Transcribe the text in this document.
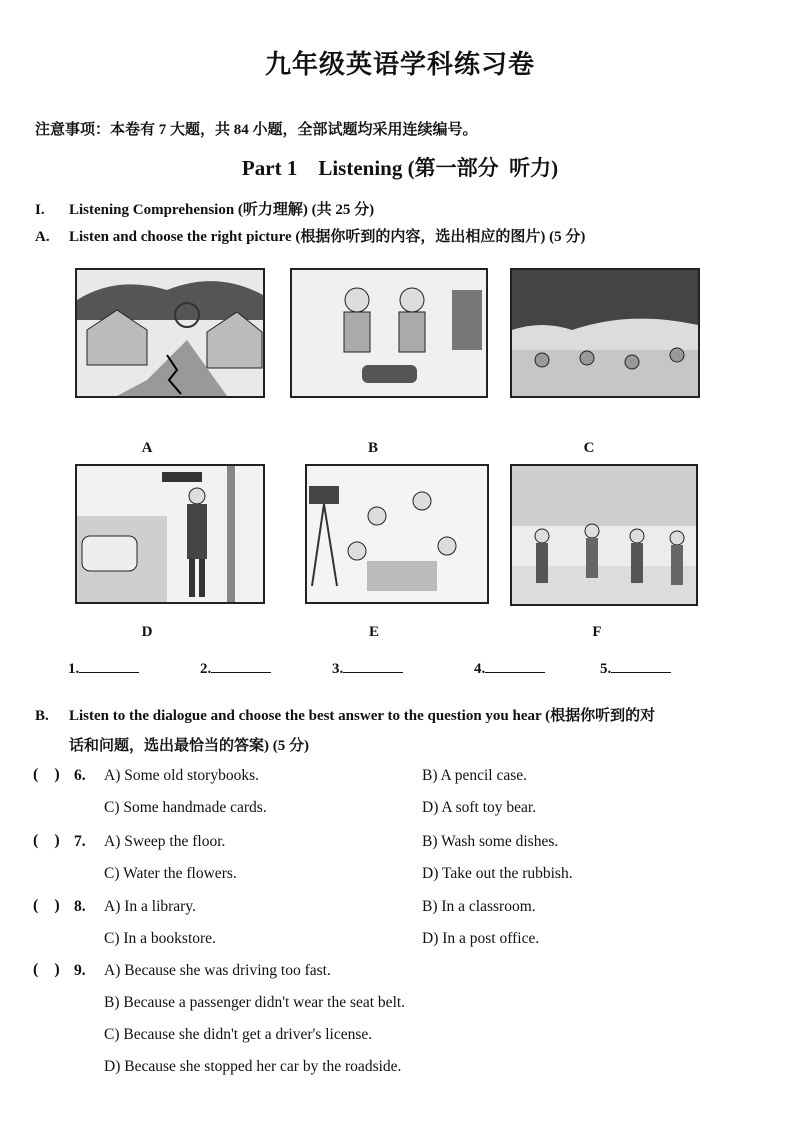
九年级英语学科练习卷
注意事项：本卷有 7 大题，共 84 小题，全部试题均采用连续编号。
Part 1    Listening (第一部分  听力)
I. Listening Comprehension (听力理解) (共 25 分)
A. Listen and choose the right picture (根据你听到的内容，选出相应的图片) (5 分)
A	B	C
D	E	F
1.	2.	3.	4.	5.
B. Listen to the dialogue and choose the best answer to the question you hear (根据你听到的对
话和问题，选出最恰当的答案) (5 分)
(    ) 6. A) Some old storybooks.	B) A pencil case.
C) Some handmade cards.	D) A soft toy bear.
(    ) 7. A) Sweep the floor.	B) Wash some dishes.
C) Water the flowers.	D) Take out the rubbish.
(    ) 8. A) In a library.	B) In a classroom.
C) In a bookstore.	D) In a post office.
(    ) 9. A) Because she was driving too fast.
B) Because a passenger didn't wear the seat belt.
C) Because she didn't get a driver's license.
D) Because she stopped her car by the roadside.
